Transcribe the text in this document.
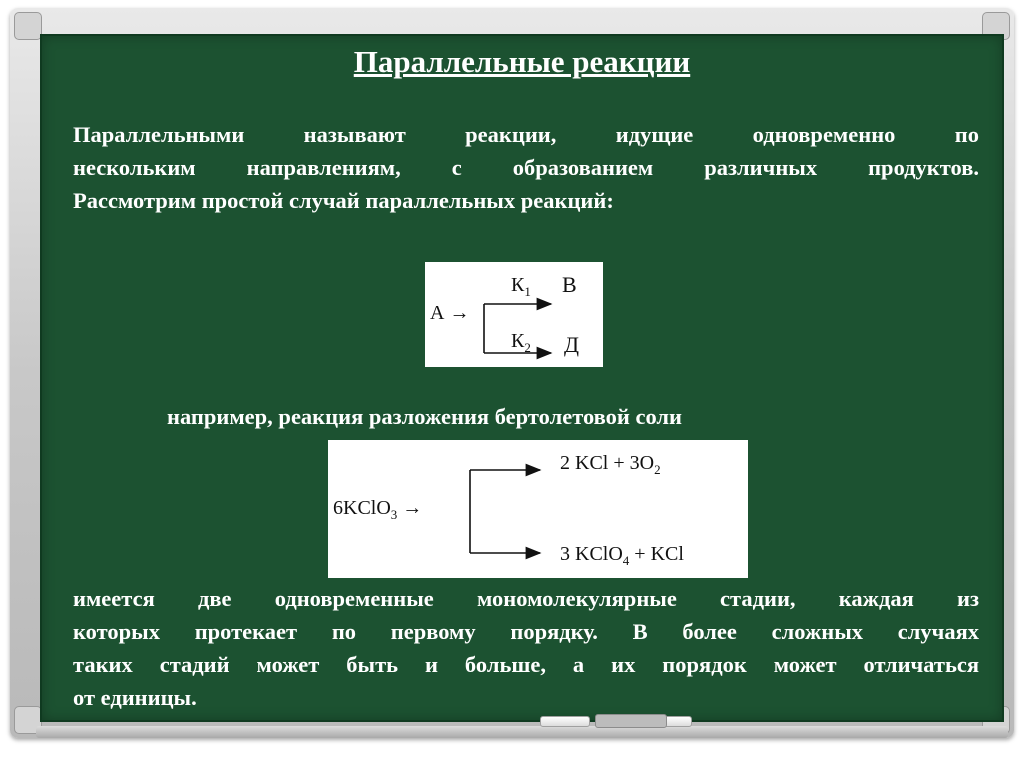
Параллельные реакции
Параллельными называют реакции, идущие одновременно по
нескольким направлениям, с образованием различных продуктов.
Рассмотрим простой случай параллельных реакций:
А →
$К_1$
$К_2$
В
Д
например, реакция разложения бертолетовой соли
6KClO$_3$ →
2 KCl + $3O_2$
3 KClO$_4$ + KCl
имеется две одновременные мономолекулярные стадии, каждая из
которых протекает по первому порядку. В более сложных случаях
таких стадий может быть и больше, а их порядок может отличаться
от единицы.
